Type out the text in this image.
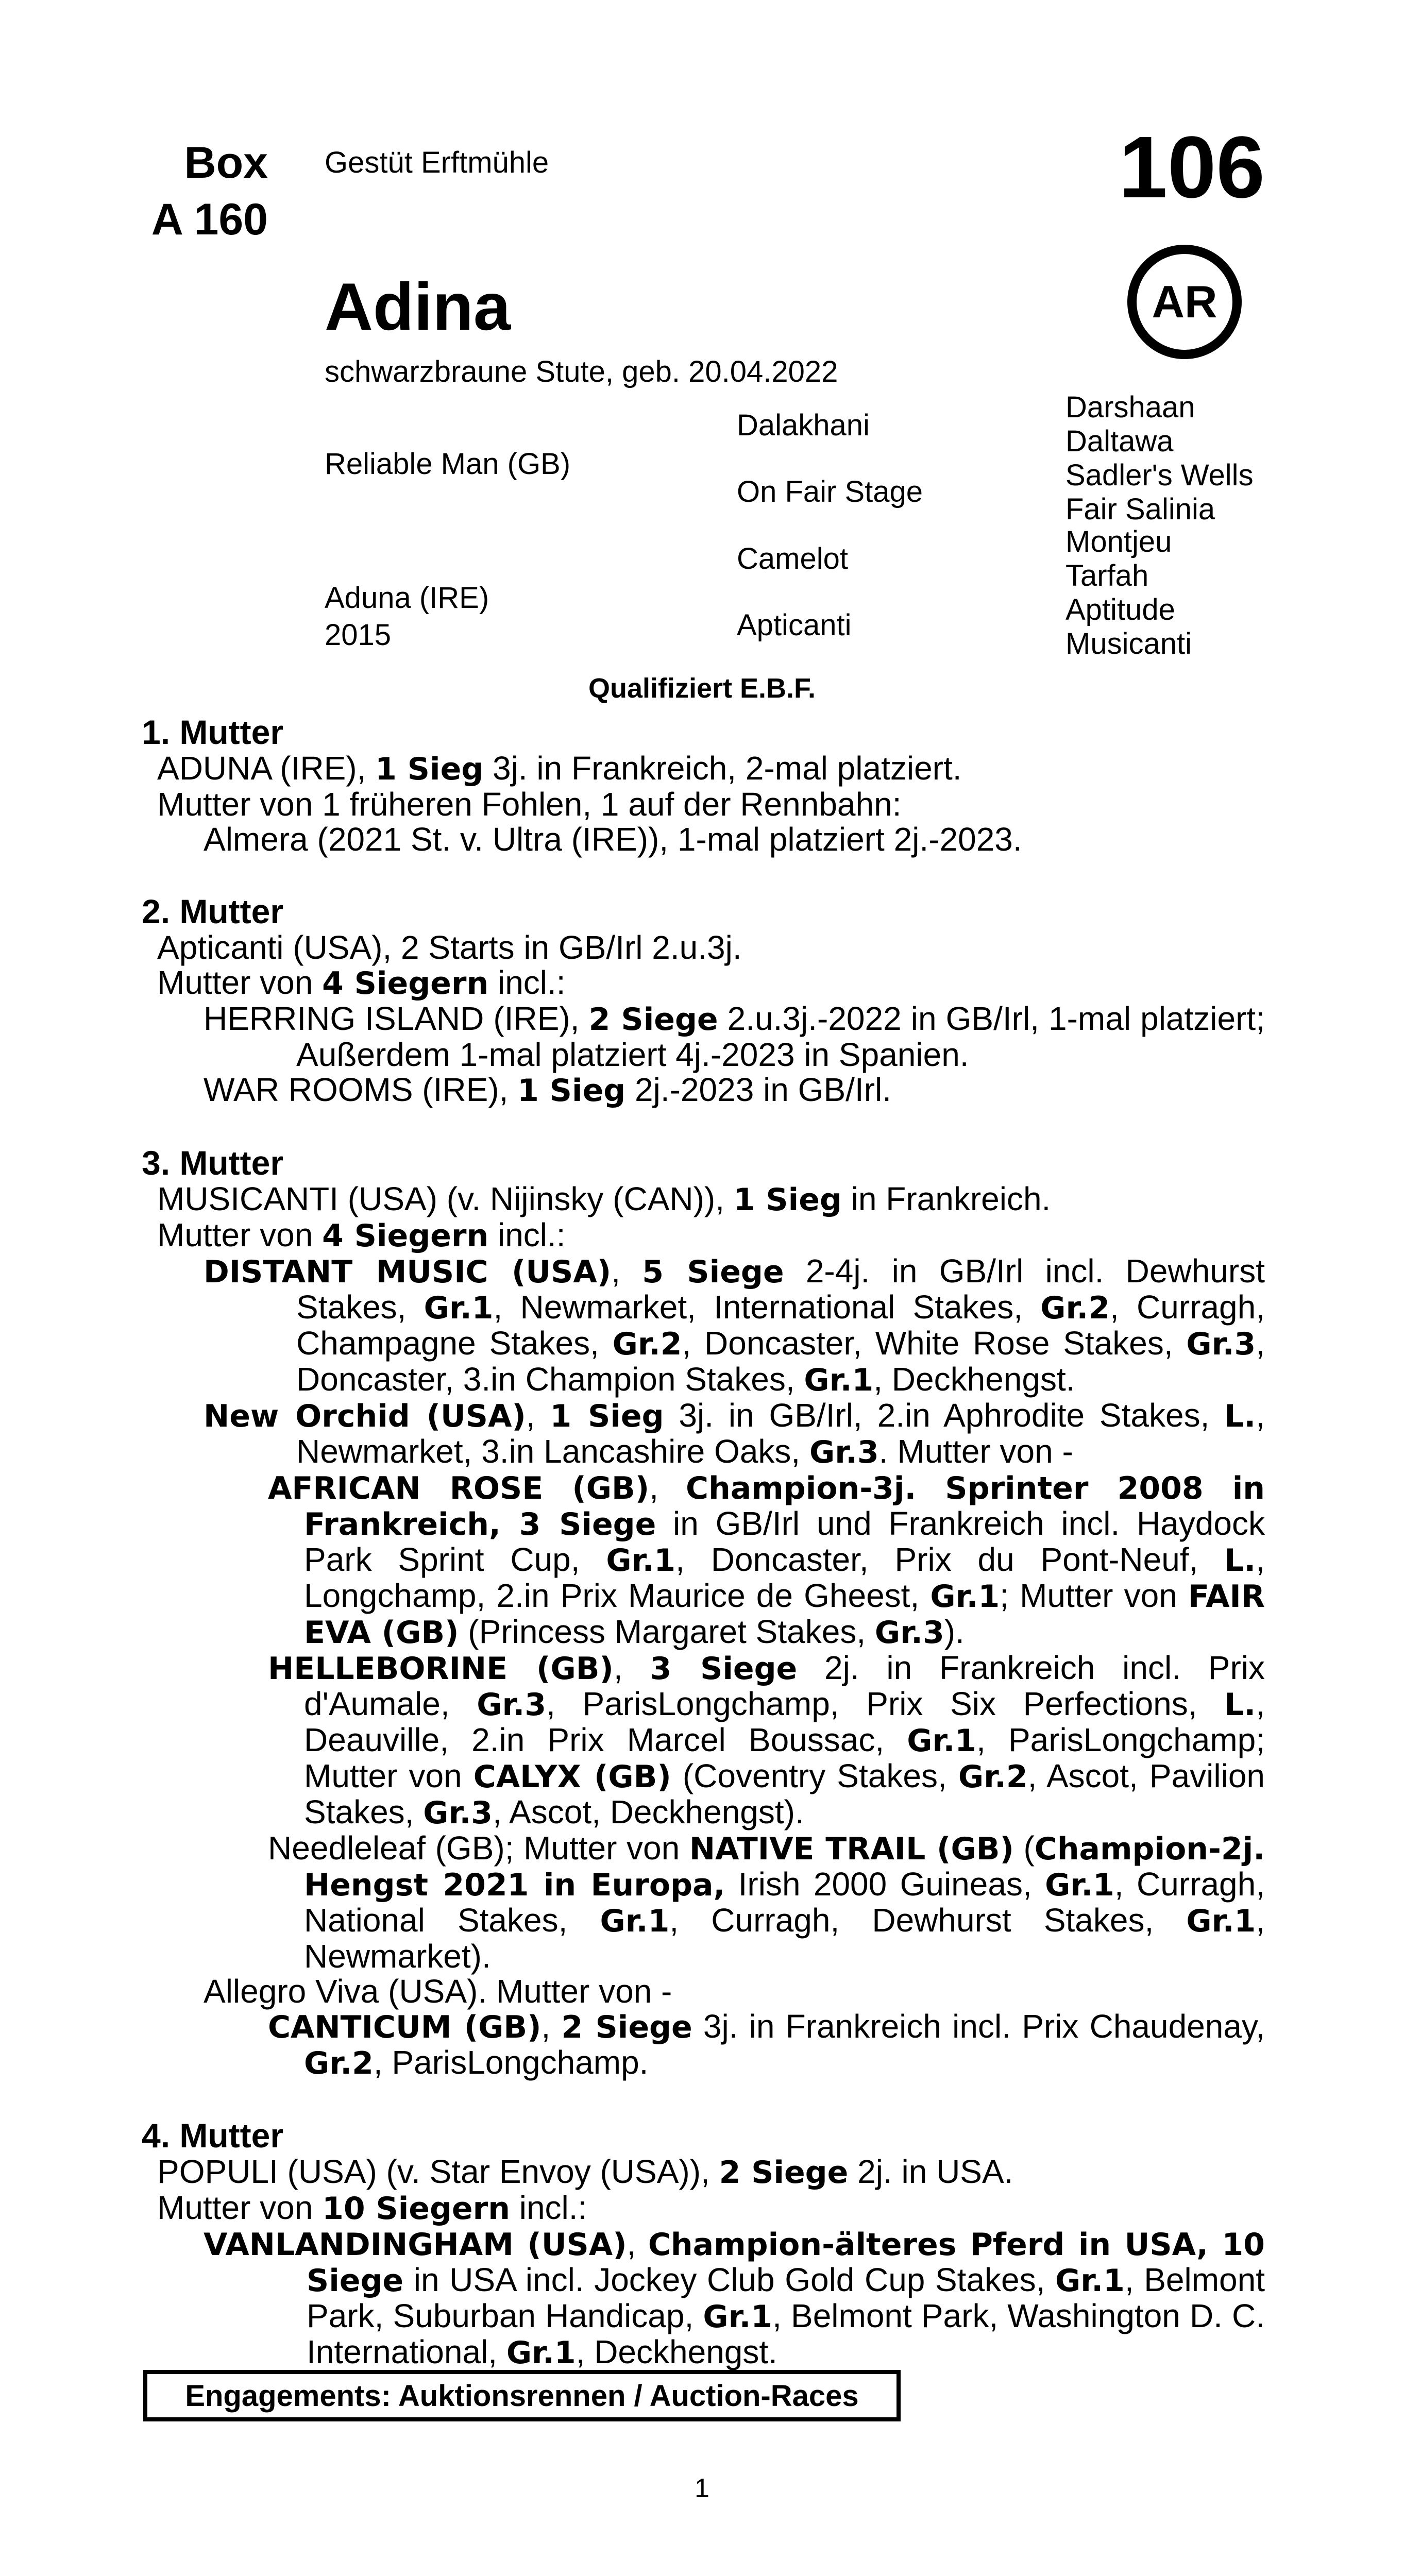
Box
A 160
Gestüt Erftmühle	106
AR
Adina
schwarzbraune Stute, geb. 20.04.2022
Reliable Man (GB)
Aduna (IRE)
2015
Dalakhani
On Fair Stage
Camelot
Apticanti
Darshaan
Daltawa
Sadler's Wells
Fair Salinia
Montjeu
Tarfah
Aptitude
Musicanti
Qualifiziert E.B.F.
1. Mutter
ADUNA (IRE), 1 Sieg 3j. in Frankreich, 2-mal platziert.
Mutter von 1 früheren Fohlen, 1 auf der Rennbahn:
Almera (2021 St. v. Ultra (IRE)), 1-mal platziert 2j.-2023.
2. Mutter
Apticanti (USA), 2 Starts in GB/Irl 2.u.3j.
Mutter von 4 Siegern incl.:
HERRING ISLAND (IRE), 2 Siege 2.u.3j.-2022 in GB/Irl, 1-mal platziert; Außerdem 1-mal platziert 4j.-2023 in Spanien.
WAR ROOMS (IRE), 1 Sieg 2j.-2023 in GB/Irl.
3. Mutter
MUSICANTI (USA) (v. Nijinsky (CAN)), 1 Sieg in Frankreich.
Mutter von 4 Siegern incl.:
DISTANT MUSIC (USA), 5 Siege 2-4j. in GB/Irl incl. Dewhurst Stakes, Gr.1, Newmarket, International Stakes, Gr.2, Curragh, Champagne Stakes, Gr.2, Doncaster, White Rose Stakes, Gr.3, Doncaster, 3.in Champion Stakes, Gr.1, Deckhengst.
New Orchid (USA), 1 Sieg 3j. in GB/Irl, 2.in Aphrodite Stakes, L., Newmarket, 3.in Lancashire Oaks, Gr.3. Mutter von -
AFRICAN ROSE (GB), Champion-3j. Sprinter 2008 in Frankreich, 3 Siege in GB/Irl und Frankreich incl. Haydock Park Sprint Cup, Gr.1, Doncaster, Prix du Pont-Neuf, L., Longchamp, 2.in Prix Maurice de Gheest, Gr.1; Mutter von FAIR EVA (GB) (Princess Margaret Stakes, Gr.3).
HELLEBORINE (GB), 3 Siege 2j. in Frankreich incl. Prix d'Aumale, Gr.3, ParisLongchamp, Prix Six Perfections, L., Deauville, 2.in Prix Marcel Boussac, Gr.1, ParisLongchamp; Mutter von CALYX (GB) (Coventry Stakes, Gr.2, Ascot, Pavilion Stakes, Gr.3, Ascot, Deckhengst).
Needleleaf (GB); Mutter von NATIVE TRAIL (GB) (Champion-2j. Hengst 2021 in Europa, Irish 2000 Guineas, Gr.1, Curragh, National Stakes, Gr.1, Curragh, Dewhurst Stakes, Gr.1, Newmarket).
Allegro Viva (USA). Mutter von -
CANTICUM (GB), 2 Siege 3j. in Frankreich incl. Prix Chaudenay, Gr.2, ParisLongchamp.
4. Mutter
POPULI (USA) (v. Star Envoy (USA)), 2 Siege 2j. in USA.
Mutter von 10 Siegern incl.:
VANLANDINGHAM (USA), Champion-älteres Pferd in USA, 10 Siege in USA incl. Jockey Club Gold Cup Stakes, Gr.1, Belmont Park, Suburban Handicap, Gr.1, Belmont Park, Washington D. C. International, Gr.1, Deckhengst.
Engagements: Auktionsrennen / Auction-Races
1
